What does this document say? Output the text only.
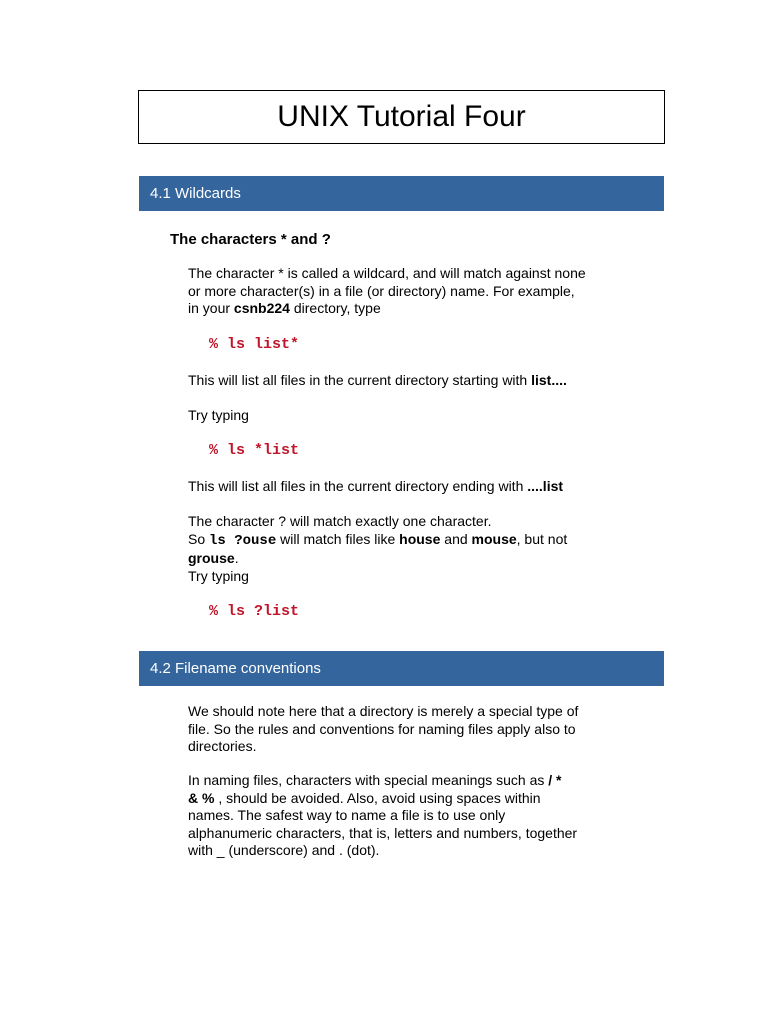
UNIX Tutorial Four
4.1 Wildcards
The characters * and ?
The character * is called a wildcard, and will match against none
or more character(s) in a file (or directory) name. For example,
in your csnb224 directory, type
% ls list*
This will list all files in the current directory starting with list....
Try typing
% ls *list
This will list all files in the current directory ending with ....list
The character ? will match exactly one character.
So ls ?ouse will match files like house and mouse, but not
grouse.
Try typing
% ls ?list
4.2 Filename conventions
We should note here that a directory is merely a special type of
file. So the rules and conventions for naming files apply also to
directories.
In naming files, characters with special meanings such as / *
& % , should be avoided. Also, avoid using spaces within
names. The safest way to name a file is to use only
alphanumeric characters, that is, letters and numbers, together
with _ (underscore) and . (dot).
